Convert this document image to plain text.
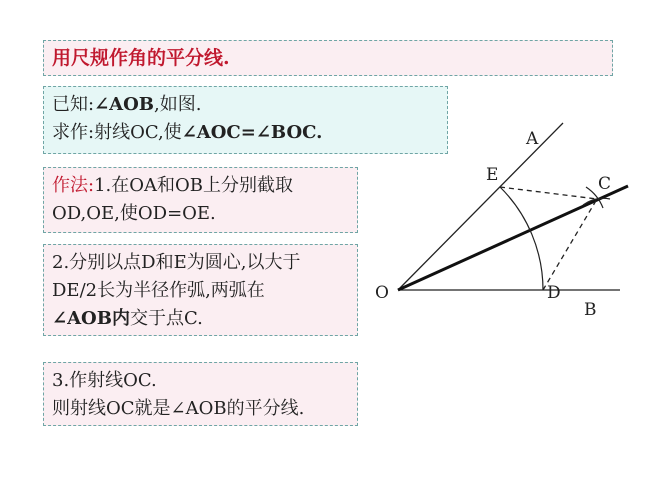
用尺规作角的平分线.
已知:∠AOB,如图.
求作:射线OC,使∠AOC=∠BOC.
作法:1.在OA和OB上分别截取
OD,OE,使OD=OE.
2.分别以点D和E为圆心,以大于
DE/2长为半径作弧,两弧在
∠AOB内交于点C.
3.作射线OC.
则射线OC就是∠AOB的平分线.
O
A
B
C
D
E
